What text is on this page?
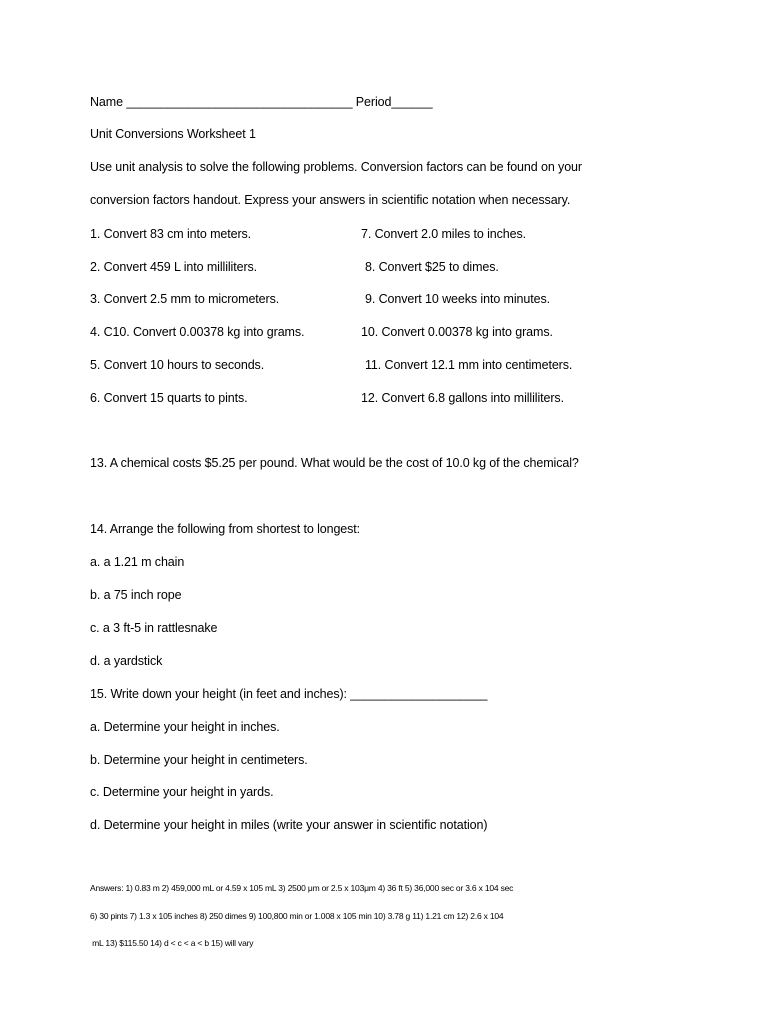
Name _________________________________ Period______
Unit Conversions Worksheet 1
Use unit analysis to solve the following problems. Conversion factors can be found on your
conversion factors handout. Express your answers in scientific notation when necessary.
1. Convert 83 cm into meters.
2. Convert 459 L into milliliters.
3. Convert 2.5 mm to micrometers.
4. C10. Convert 0.00378 kg into grams.
5. Convert 10 hours to seconds.
6. Convert 15 quarts to pints.
7. Convert 2.0 miles to inches.
8. Convert $25 to dimes.
9. Convert 10 weeks into minutes.
10. Convert 0.00378 kg into grams.
11. Convert 12.1 mm into centimeters.
12. Convert 6.8 gallons into milliliters.
13. A chemical costs $5.25 per pound. What would be the cost of 10.0 kg of the chemical?
14. Arrange the following from shortest to longest:
a. a 1.21 m chain
b. a 75 inch rope
c. a 3 ft-5 in rattlesnake
d. a yardstick
15. Write down your height (in feet and inches): ____________________
a. Determine your height in inches.
b. Determine your height in centimeters.
c. Determine your height in yards.
d. Determine your height in miles (write your answer in scientific notation)
Answers: 1) 0.83 m 2) 459,000 mL or 4.59 x 105 mL 3) 2500 μm or 2.5 x 103μm 4) 36 ft 5) 36,000 sec or 3.6 x 104 sec
6) 30 pints 7) 1.3 x 105 inches 8) 250 dimes 9) 100,800 min or 1.008 x 105 min 10) 3.78 g 11) 1.21 cm 12) 2.6 x 104
mL 13) $115.50 14) d < c < a < b 15) will vary
